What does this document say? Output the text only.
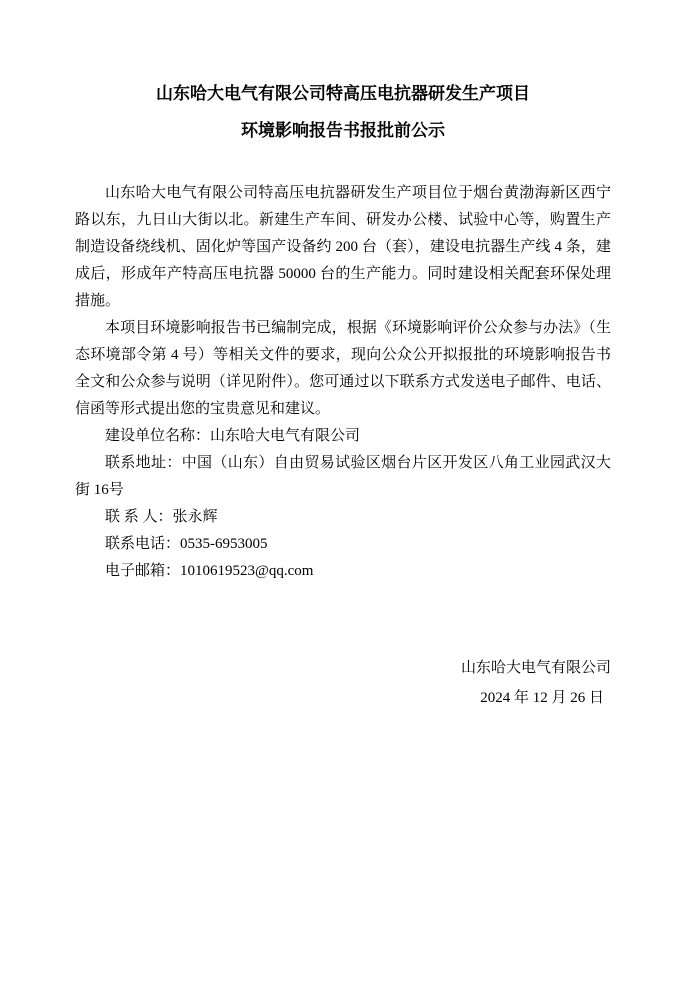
山东哈大电气有限公司特高压电抗器研发生产项目
环境影响报告书报批前公示

山东哈大电气有限公司特高压电抗器研发生产项目位于烟台黄渤海新区西宁路以东，九日山大街以北。新建生产车间、研发办公楼、试验中心等，购置生产制造设备绕线机、固化炉等国产设备约 200 台（套），建设电抗器生产线 4 条，建成后，形成年产特高压电抗器 50000 台的生产能力。同时建设相关配套环保处理措施。

本项目环境影响报告书已编制完成，根据《环境影响评价公众参与办法》（生态环境部令第 4 号）等相关文件的要求，现向公众公开拟报批的环境影响报告书全文和公众参与说明（详见附件）。您可通过以下联系方式发送电子邮件、电话、信函等形式提出您的宝贵意见和建议。

建设单位名称：山东哈大电气有限公司
联系地址：中国（山东）自由贸易试验区烟台片区开发区八角工业园武汉大街 16号
联 系 人：张永辉
联系电话：0535-6953005
电子邮箱：1010619523@qq.com
山东哈大电气有限公司
2024 年 12 月 26 日
